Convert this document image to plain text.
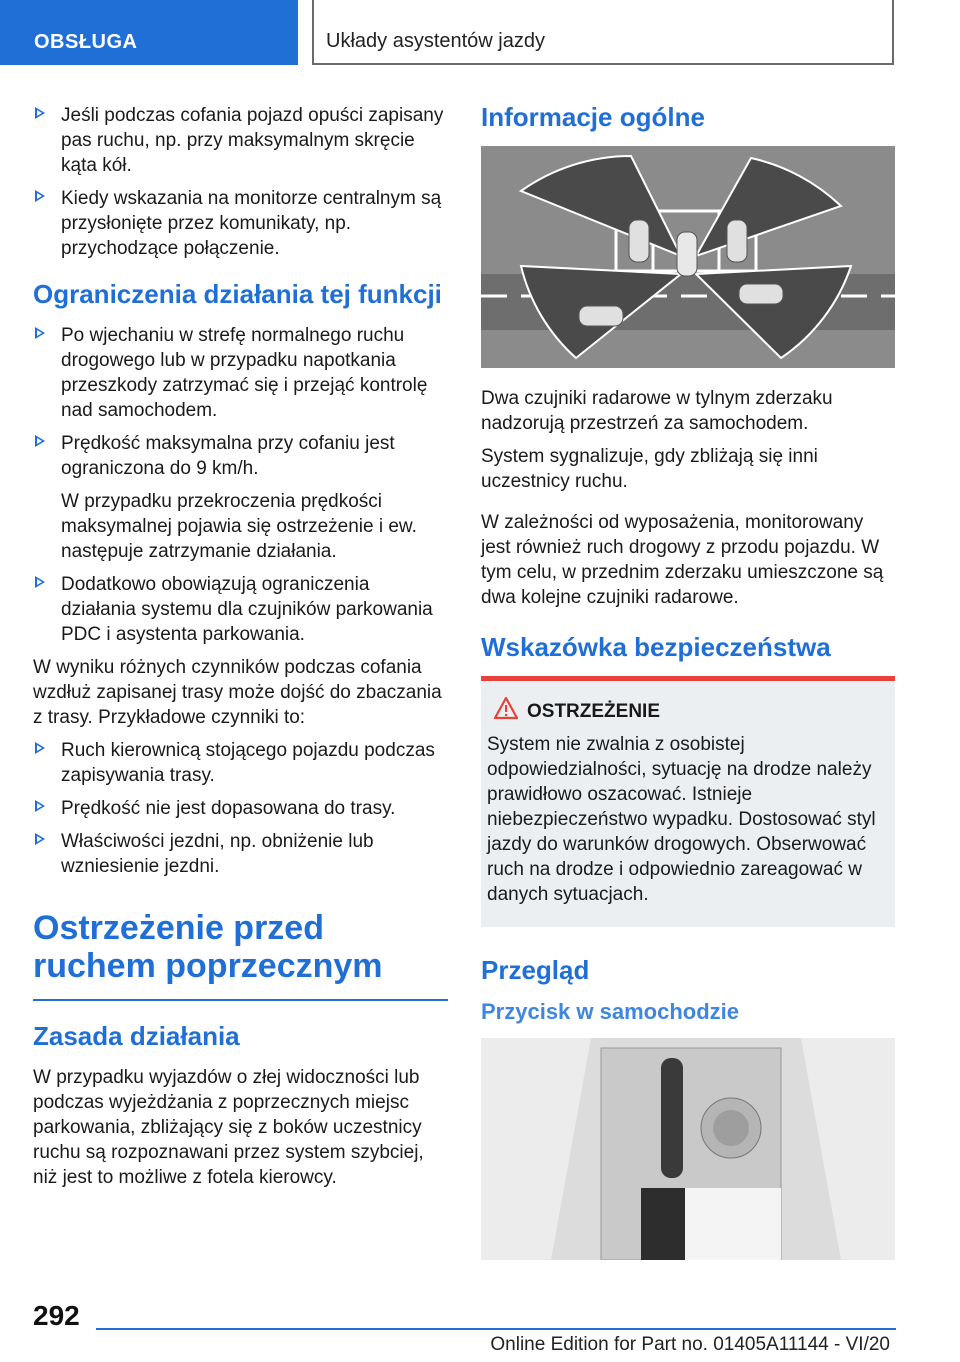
OBSŁUGA	Układy asystentów jazdy
Jeśli podczas cofania pojazd opuści zapisany pas ruchu, np. przy maksymalnym skręcie kąta kół.
Kiedy wskazania na monitorze centralnym są przysłonięte przez komunikaty, np. przychodzące połączenie.
Ograniczenia działania tej funkcji
Po wjechaniu w strefę normalnego ruchu drogowego lub w przypadku napotkania przeszkody zatrzymać się i przejąć kontrolę nad samochodem.
Prędkość maksymalna przy cofaniu jest ograniczona do 9 km/h.
W przypadku przekroczenia prędkości maksymalnej pojawia się ostrzeżenie i ew. następuje zatrzymanie działania.
Dodatkowo obowiązują ograniczenia działania systemu dla czujników parkowania PDC i asystenta parkowania.
W wyniku różnych czynników podczas cofania wzdłuż zapisanej trasy może dojść do zbaczania z trasy. Przykładowe czynniki to:
Ruch kierownicą stojącego pojazdu podczas zapisywania trasy.
Prędkość nie jest dopasowana do trasy.
Właściwości jezdni, np. obniżenie lub wzniesienie jezdni.
Ostrzeżenie przed ruchem poprzecznym
Zasada działania
W przypadku wyjazdów o złej widoczności lub podczas wyjeżdżania z poprzecznych miejsc parkowania, zbliżający się z boków uczestnicy ruchu są rozpoznawani przez system szybciej, niż jest to możliwe z fotela kierowcy.
Informacje ogólne
Dwa czujniki radarowe w tylnym zderzaku nadzorują przestrzeń za samochodem.
System sygnalizuje, gdy zbliżają się inni uczestnicy ruchu.
W zależności od wyposażenia, monitorowany jest również ruch drogowy z przodu pojazdu. W tym celu, w przednim zderzaku umieszczone są dwa kolejne czujniki radarowe.
Wskazówka bezpieczeństwa
OSTRZEŻENIE
System nie zwalnia z osobistej odpowiedzialności, sytuację na drodze należy prawidłowo oszacować. Istnieje niebezpieczeństwo wypadku. Dostosować styl jazdy do warunków drogowych. Obserwować ruch na drodze i odpowiednio zareagować w danych sytuacjach.
Przegląd
Przycisk w samochodzie
292
Online Edition for Part no. 01405A11144 - VI/20
